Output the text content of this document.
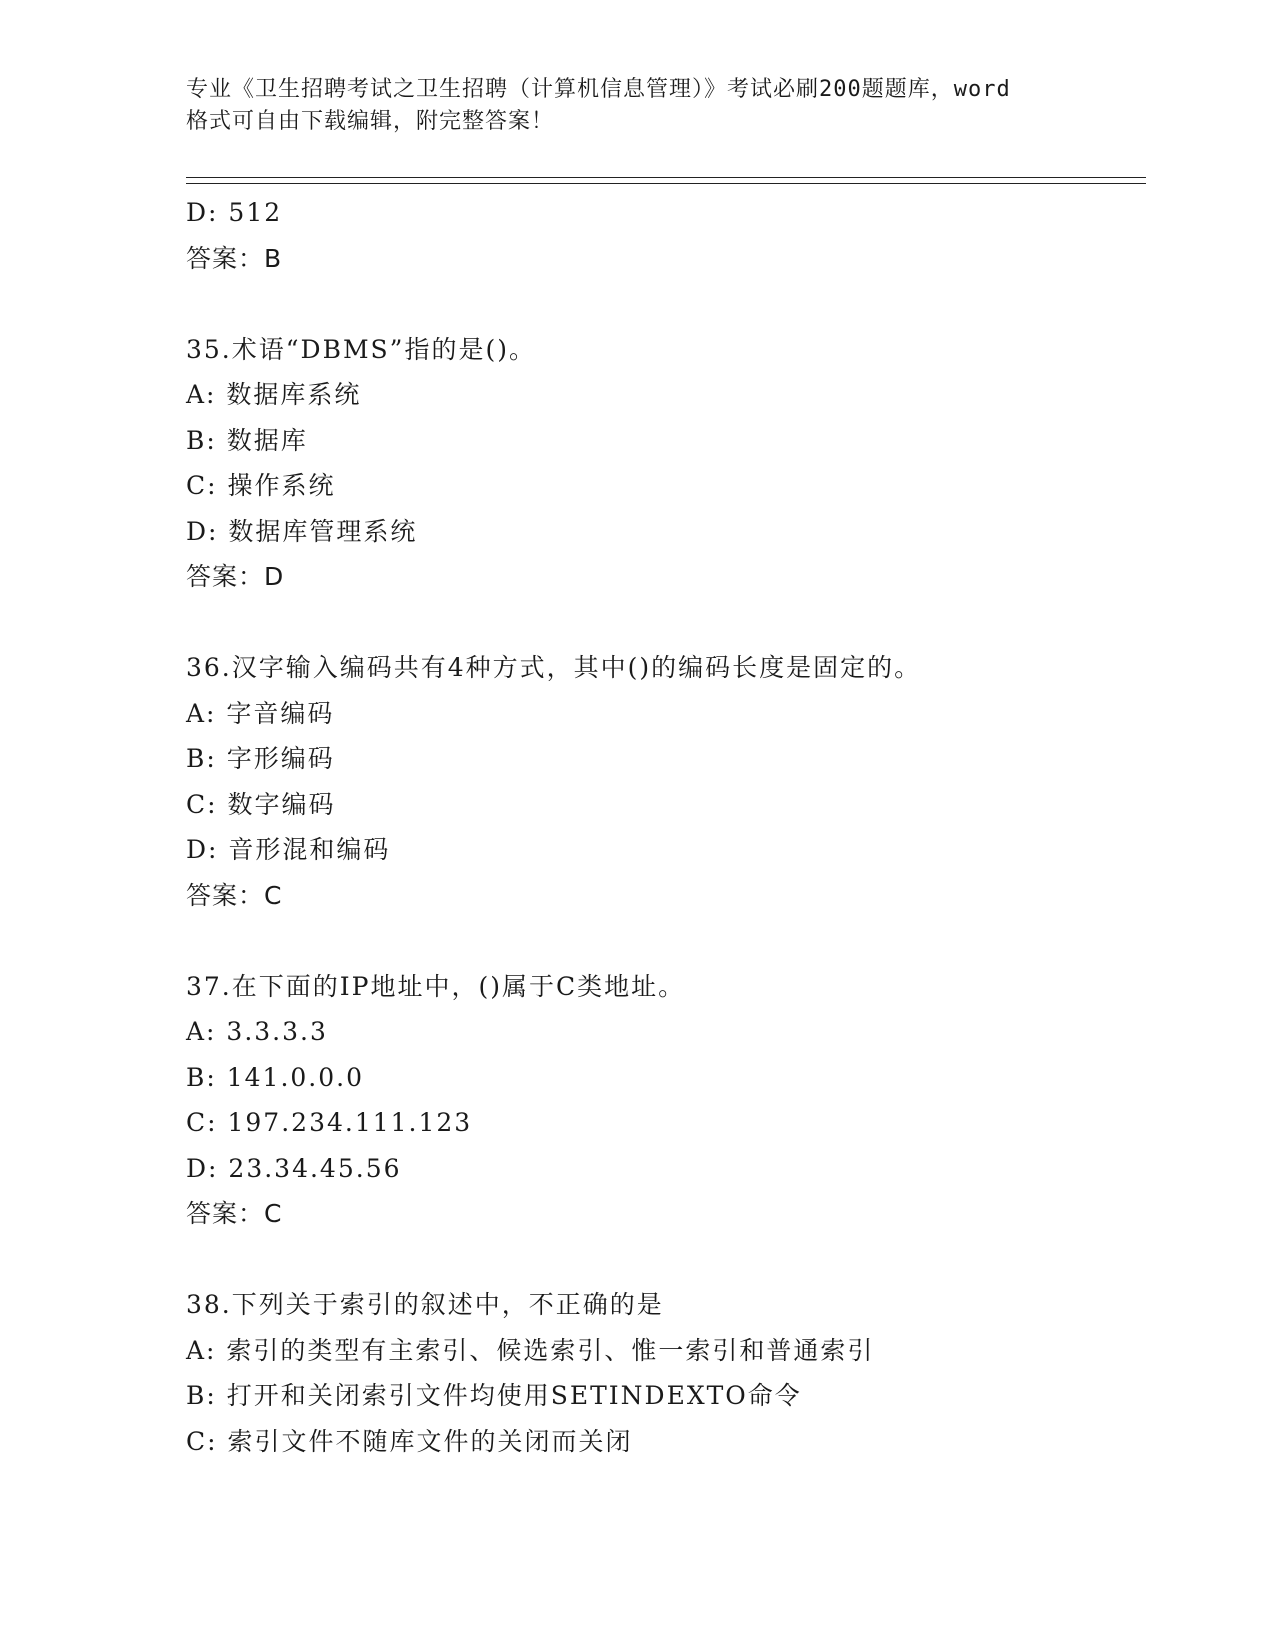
专业《卫生招聘考试之卫生招聘（计算机信息管理）》考试必刷200题题库，word
格式可自由下载编辑，附完整答案！
D: 512
答案：B
35.术语“DBMS”指的是()。
A: 数据库系统
B: 数据库
C: 操作系统
D: 数据库管理系统
答案：D
36.汉字输入编码共有4种方式，其中()的编码长度是固定的。
A: 字音编码
B: 字形编码
C: 数字编码
D: 音形混和编码
答案：C
37.在下面的IP地址中，()属于C类地址。
A: 3.3.3.3
B: 141.0.0.0
C: 197.234.111.123
D: 23.34.45.56
答案：C
38.下列关于索引的叙述中，不正确的是
A: 索引的类型有主索引、候选索引、惟一索引和普通索引
B: 打开和关闭索引文件均使用SETINDEXTO命令
C: 索引文件不随库文件的关闭而关闭
